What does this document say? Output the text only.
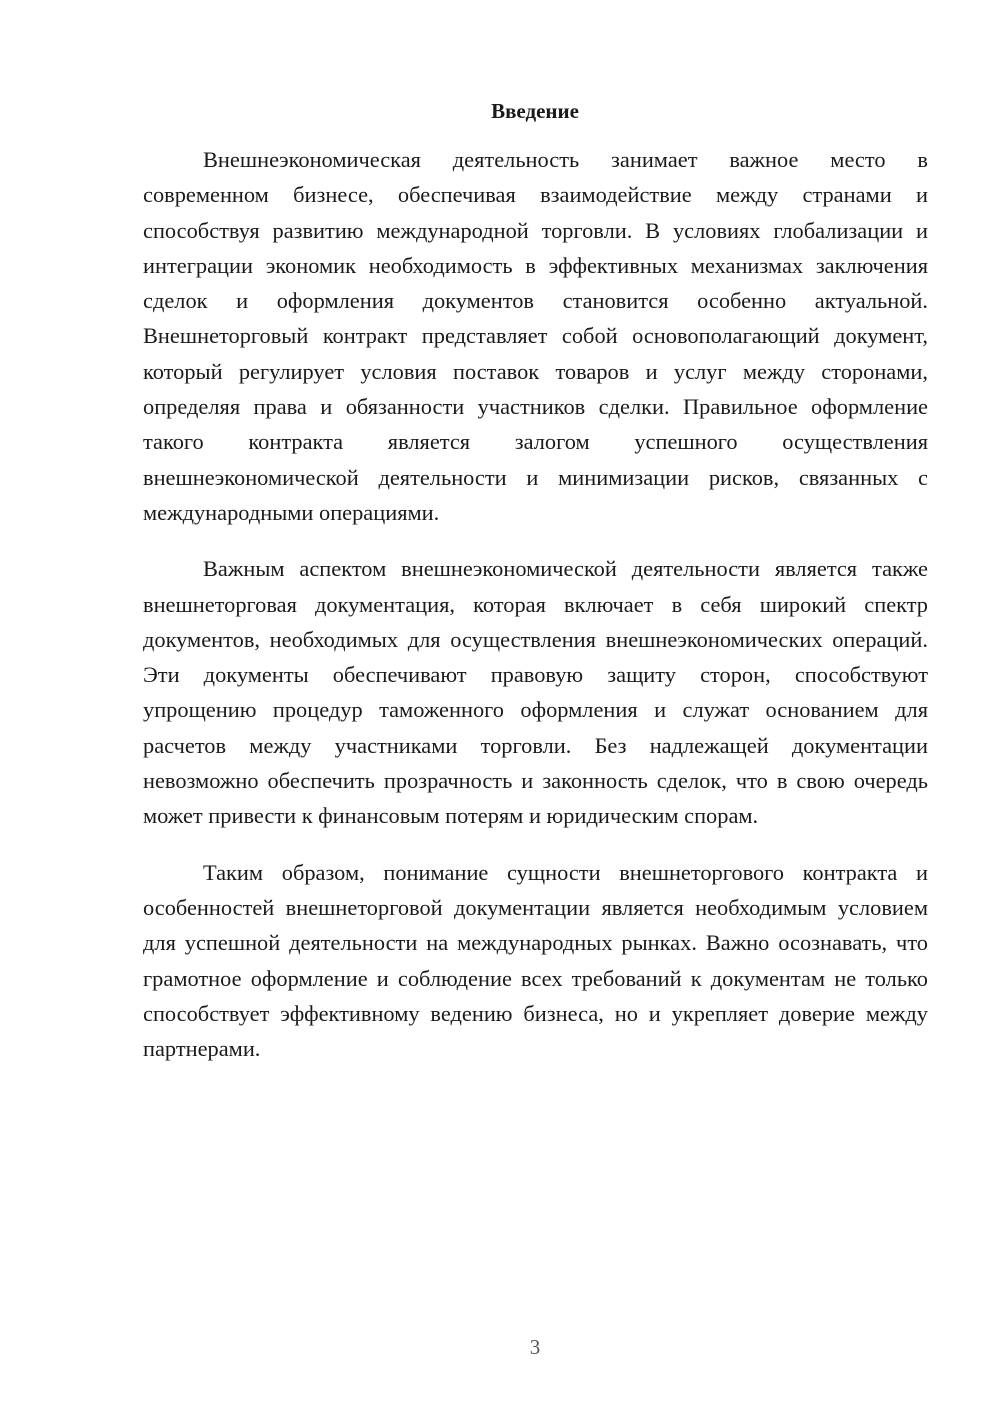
Введение

Внешнеэкономическая деятельность занимает важное место в современном бизнесе, обеспечивая взаимодействие между странами и способствуя развитию международной торговли. В условиях глобализации и интеграции экономик необходимость в эффективных механизмах заключения сделок и оформления документов становится особенно актуальной. Внешнеторговый контракт представляет собой основополагающий документ, который регулирует условия поставок товаров и услуг между сторонами, определяя права и обязанности участников сделки. Правильное оформление такого контракта является залогом успешного осуществления внешнеэкономической деятельности и минимизации рисков, связанных с международными операциями.

Важным аспектом внешнеэкономической деятельности является также внешнеторговая документация, которая включает в себя широкий спектр документов, необходимых для осуществления внешнеэкономических операций. Эти документы обеспечивают правовую защиту сторон, способствуют упрощению процедур таможенного оформления и служат основанием для расчетов между участниками торговли. Без надлежащей документации невозможно обеспечить прозрачность и законность сделок, что в свою очередь может привести к финансовым потерям и юридическим спорам.

Таким образом, понимание сущности внешнеторгового контракта и особенностей внешнеторговой документации является необходимым условием для успешной деятельности на международных рынках. Важно осознавать, что грамотное оформление и соблюдение всех требований к документам не только способствует эффективному ведению бизнеса, но и укрепляет доверие между партнерами.

3
